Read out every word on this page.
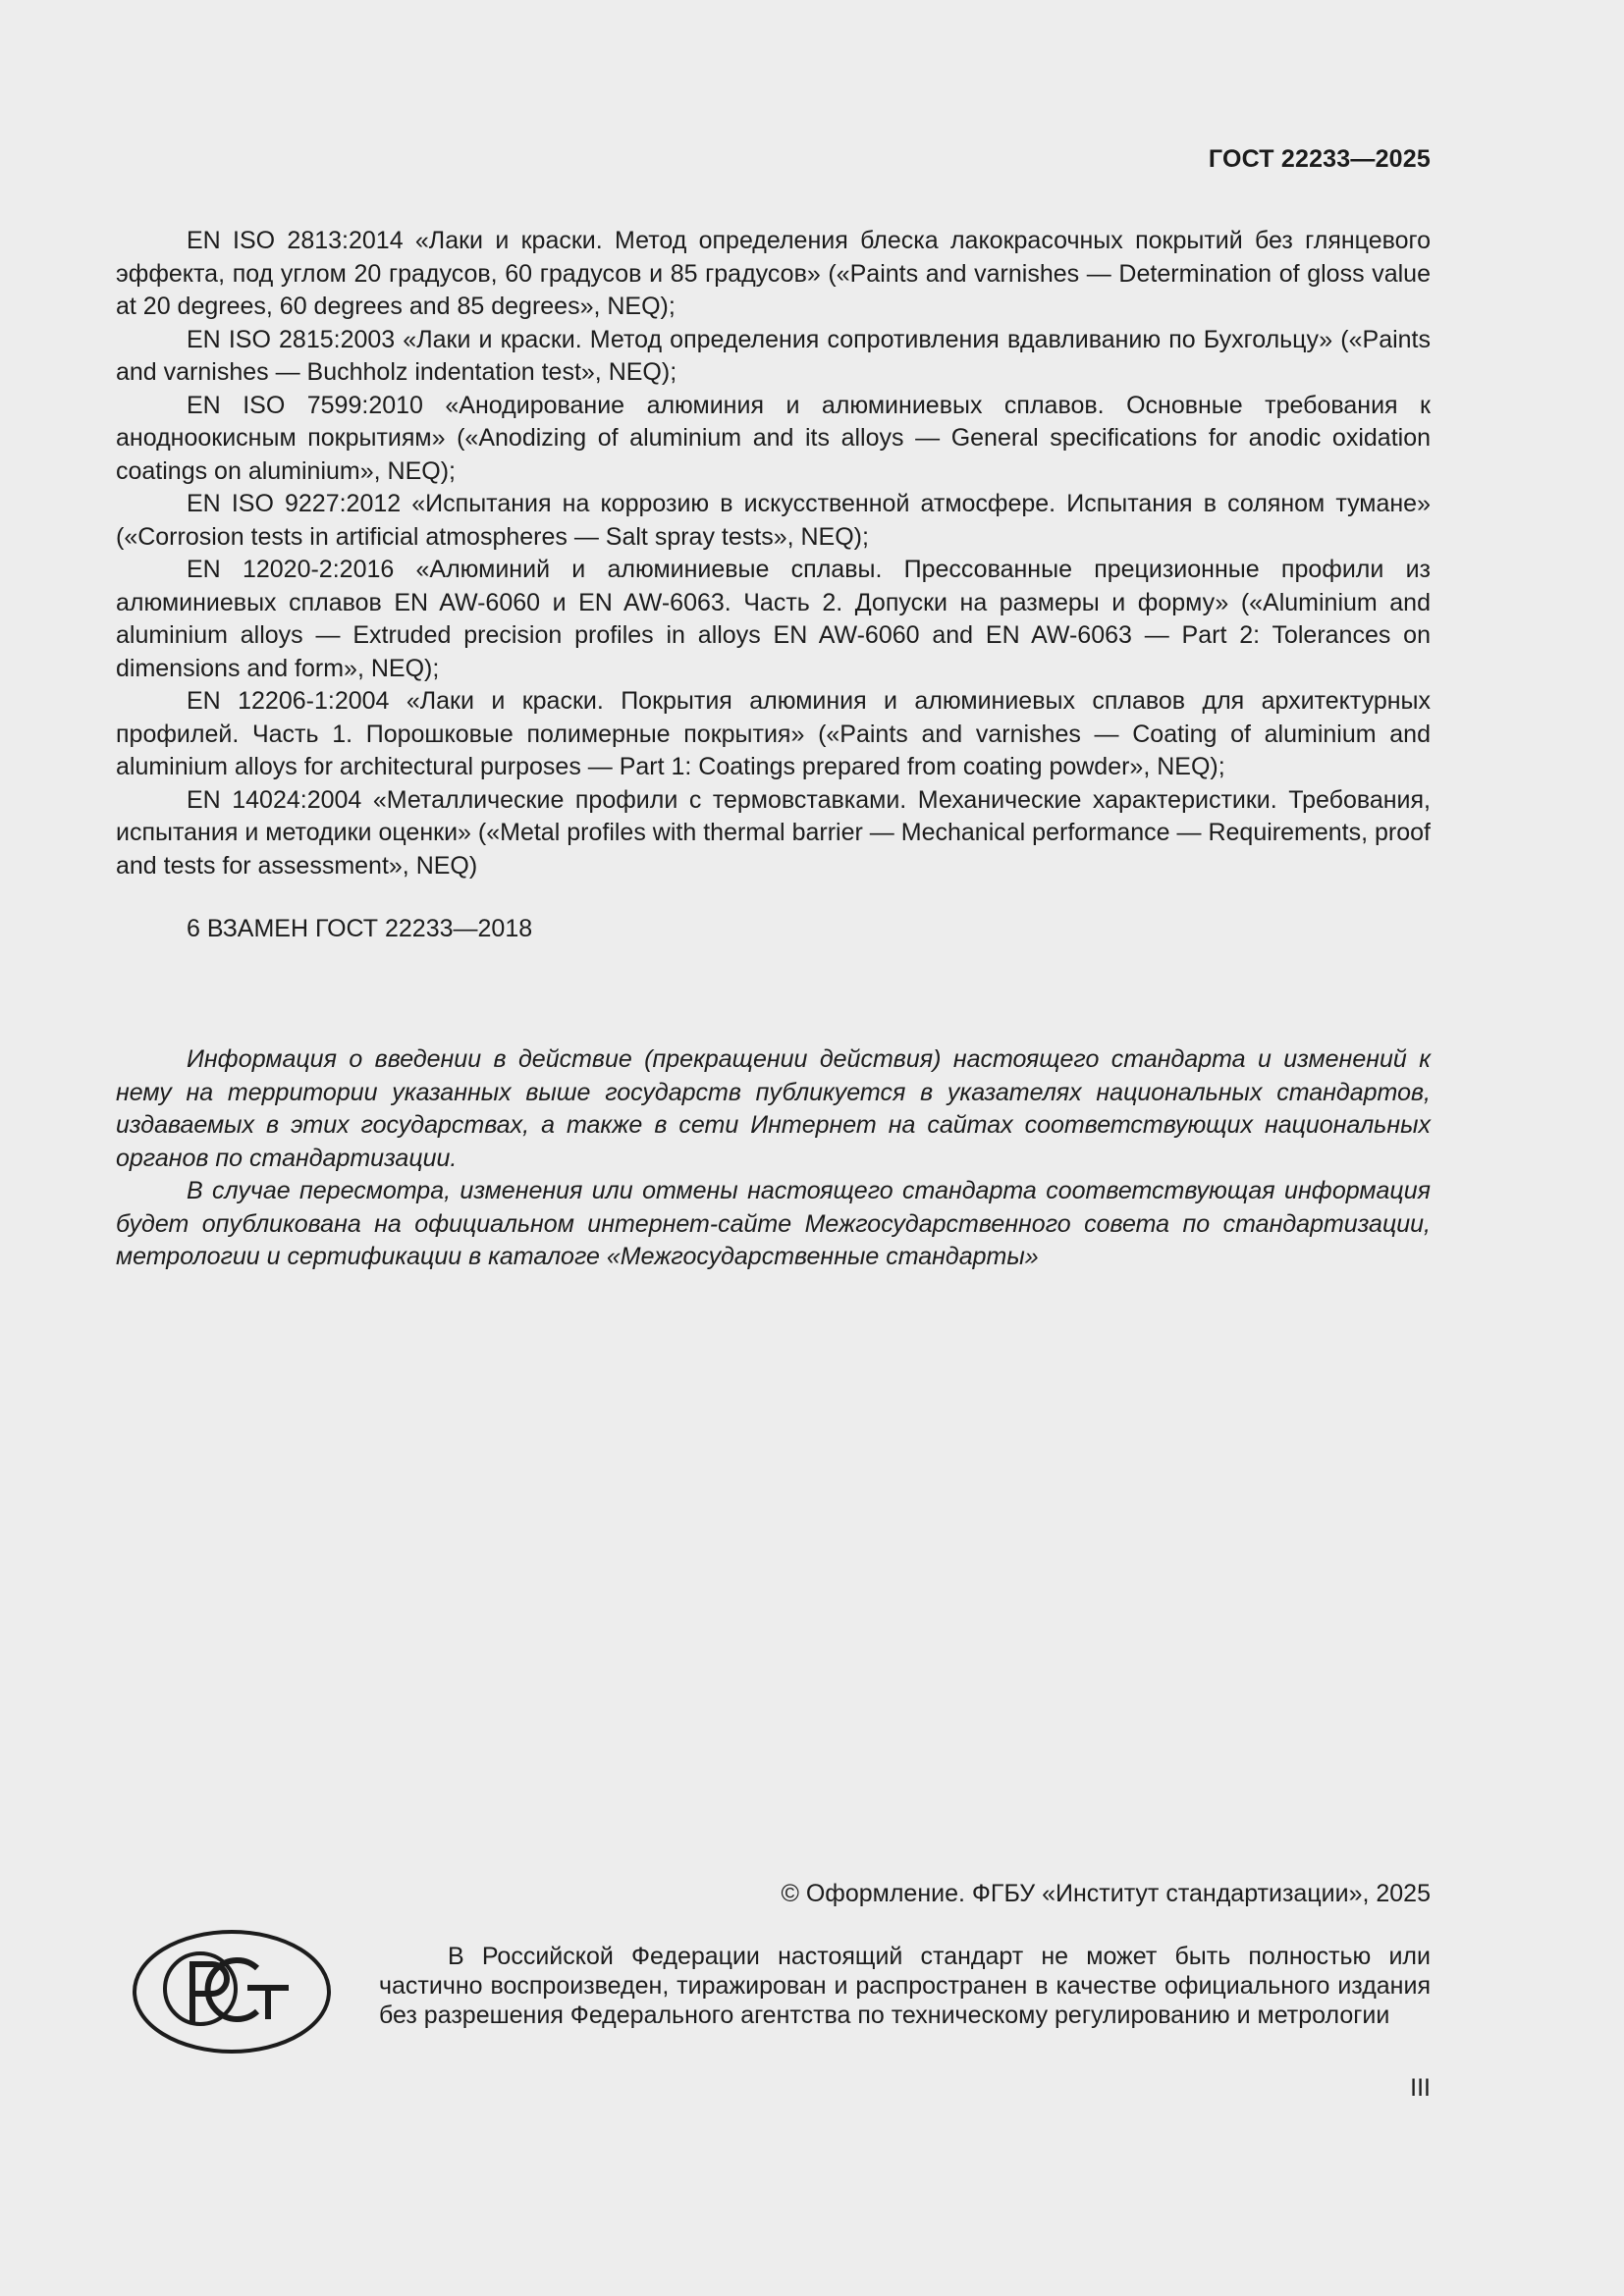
ГОСТ 22233—2025

EN ISO 2813:2014 «Лаки и краски. Метод определения блеска лакокрасочных покрытий без глянцевого эффекта, под углом 20 градусов, 60 градусов и 85 градусов» («Paints and varnishes — Determination of gloss value at 20 degrees, 60 degrees and 85 degrees», NEQ);

EN ISO 2815:2003 «Лаки и краски. Метод определения сопротивления вдавливанию по Бухгольцу» («Paints and varnishes — Buchholz indentation test», NEQ);

EN ISO 7599:2010 «Анодирование алюминия и алюминиевых сплавов. Основные требования к анодноокисным покрытиям» («Anodizing of aluminium and its alloys — General specifications for anodic oxidation coatings on aluminium», NEQ);

EN ISO 9227:2012 «Испытания на коррозию в искусственной атмосфере. Испытания в соляном тумане» («Corrosion tests in artificial atmospheres — Salt spray tests», NEQ);

EN 12020-2:2016 «Алюминий и алюминиевые сплавы. Прессованные прецизионные профили из алюминиевых сплавов EN AW-6060 и EN AW-6063. Часть 2. Допуски на размеры и форму» («Aluminium and aluminium alloys — Extruded precision profiles in alloys EN AW-6060 and EN AW-6063 — Part 2: Tolerances on dimensions and form», NEQ);

EN 12206-1:2004 «Лаки и краски. Покрытия алюминия и алюминиевых сплавов для архитектурных профилей. Часть 1. Порошковые полимерные покрытия» («Paints and varnishes — Coating of aluminium and aluminium alloys for architectural purposes — Part 1: Coatings prepared from coating powder», NEQ);

EN 14024:2004 «Металлические профили с термовставками. Механические характеристики. Требования, испытания и методики оценки» («Metal profiles with thermal barrier — Mechanical performance — Requirements, proof and tests for assessment», NEQ)

6 ВЗАМЕН ГОСТ 22233—2018

Информация о введении в действие (прекращении действия) настоящего стандарта и изменений к нему на территории указанных выше государств публикуется в указателях национальных стандартов, издаваемых в этих государствах, а также в сети Интернет на сайтах соответствующих национальных органов по стандартизации.

В случае пересмотра, изменения или отмены настоящего стандарта соответствующая информация будет опубликована на официальном интернет-сайте Межгосударственного совета по стандартизации, метрологии и сертификации в каталоге «Межгосударственные стандарты»

© Оформление. ФГБУ «Институт стандартизации», 2025

В Российской Федерации настоящий стандарт не может быть полностью или частично воспроизведен, тиражирован и распространен в качестве официального издания без разрешения Федерального агентства по техническому регулированию и метрологии

III
